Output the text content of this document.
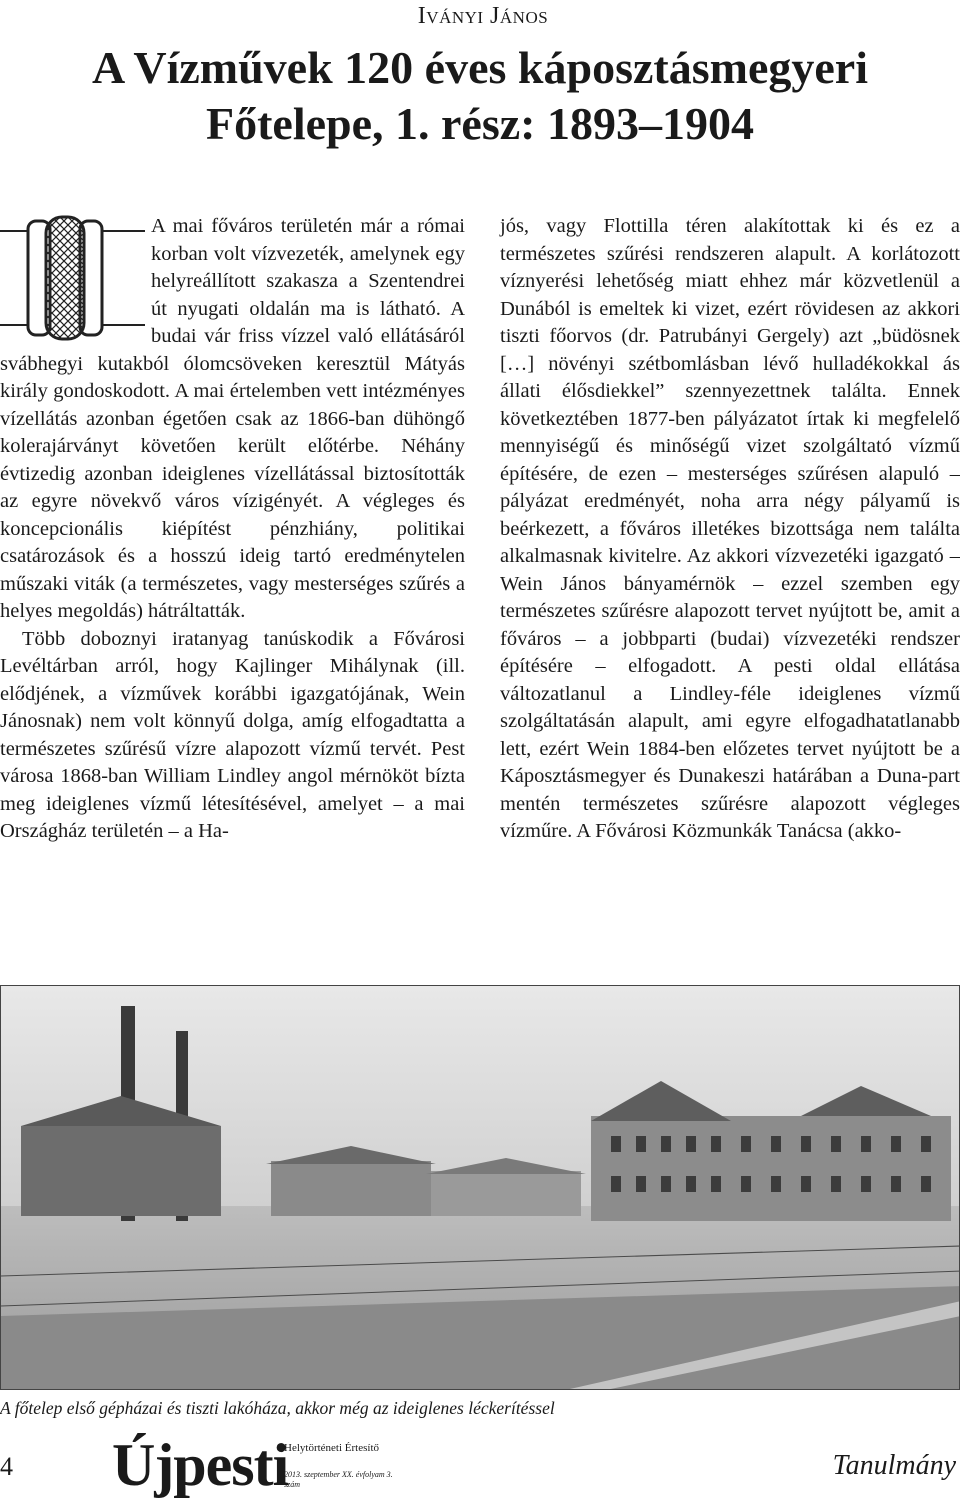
Iványi János
A Vízművek 120 éves káposztásmegyeri
Főtelepe, 1. rész: 1893–1904

A mai főváros területén már a római korban volt vízvezeték, amelynek egy helyreállított szakasza a Szentendrei út nyugati oldalán ma is látható. A budai vár friss vízzel való ellátásáról svábhegyi kutakból ólomcsöveken keresztül Mátyás király gondoskodott. A mai értelemben vett intézményes vízellátás azonban égetően csak az 1866-ban dühöngő kolerajárványt követően került előtérbe. Néhány évtizedig azonban ideiglenes vízellátással biztosították az egyre növekvő város vízigényét. A végleges és koncepcionális kiépítést pénzhiány, politikai csatározások és a hosszú ideig tartó eredménytelen műszaki viták (a természetes, vagy mesterséges szűrés a helyes megoldás) hátráltatták.

Több doboznyi iratanyag tanúskodik a Fővárosi Levéltárban arról, hogy Kajlinger Mihálynak (ill. elődjének, a vízművek korábbi igazgatójának, Wein Jánosnak) nem volt könnyű dolga, amíg elfogadtatta a természetes szűrésű vízre alapozott vízmű tervét. Pest városa 1868-ban William Lindley angol mérnököt bízta meg ideiglenes vízmű létesítésével, amelyet – a mai Országház területén – a Ha-

jós, vagy Flottilla téren alakítottak ki és ez a természetes szűrési rendszeren alapult. A korlátozott víznyerési lehetőség miatt ehhez már közvetlenül a Dunából is emeltek ki vizet, ezért rövidesen az akkori tiszti főorvos (dr. Patrubányi Gergely) azt „büdösnek […] növényi szétbomlásban lévő hulladékokkal ás állati élősdiekkel” szennyezettnek találta. Ennek következtében 1877-ben pályázatot írtak ki megfelelő mennyiségű és minőségű vizet szolgáltató vízmű építésére, de ezen – mesterséges szűrésen alapuló – pályázat eredményét, noha arra négy pályamű is beérkezett, a főváros illetékes bizottsága nem találta alkalmasnak kivitelre. Az akkori vízvezetéki igazgató – Wein János bányamérnök – ezzel szemben egy természetes szűrésre alapozott tervet nyújtott be, amit a főváros – a jobbparti (budai) vízvezetéki rendszer építésére – elfogadott. A pesti oldal ellátása változatlanul a Lindley-féle ideiglenes vízmű szolgáltatásán alapult, ami egyre elfogadhatatlanabb lett, ezért Wein 1884-ben előzetes tervet nyújtott be a Káposztásmegyer és Dunakeszi határában a Duna-part mentén természetes szűrésre alapozott végleges vízműre. A Fővárosi Közmunkák Tanácsa (akko-

A főtelep első gépházai és tiszti lakóháza, akkor még az ideiglenes léckerítéssel
4 Újpesti
Helytörténeti Értesítő
2013. szeptember XX. évfolyam 3. szám
Tanulmány
